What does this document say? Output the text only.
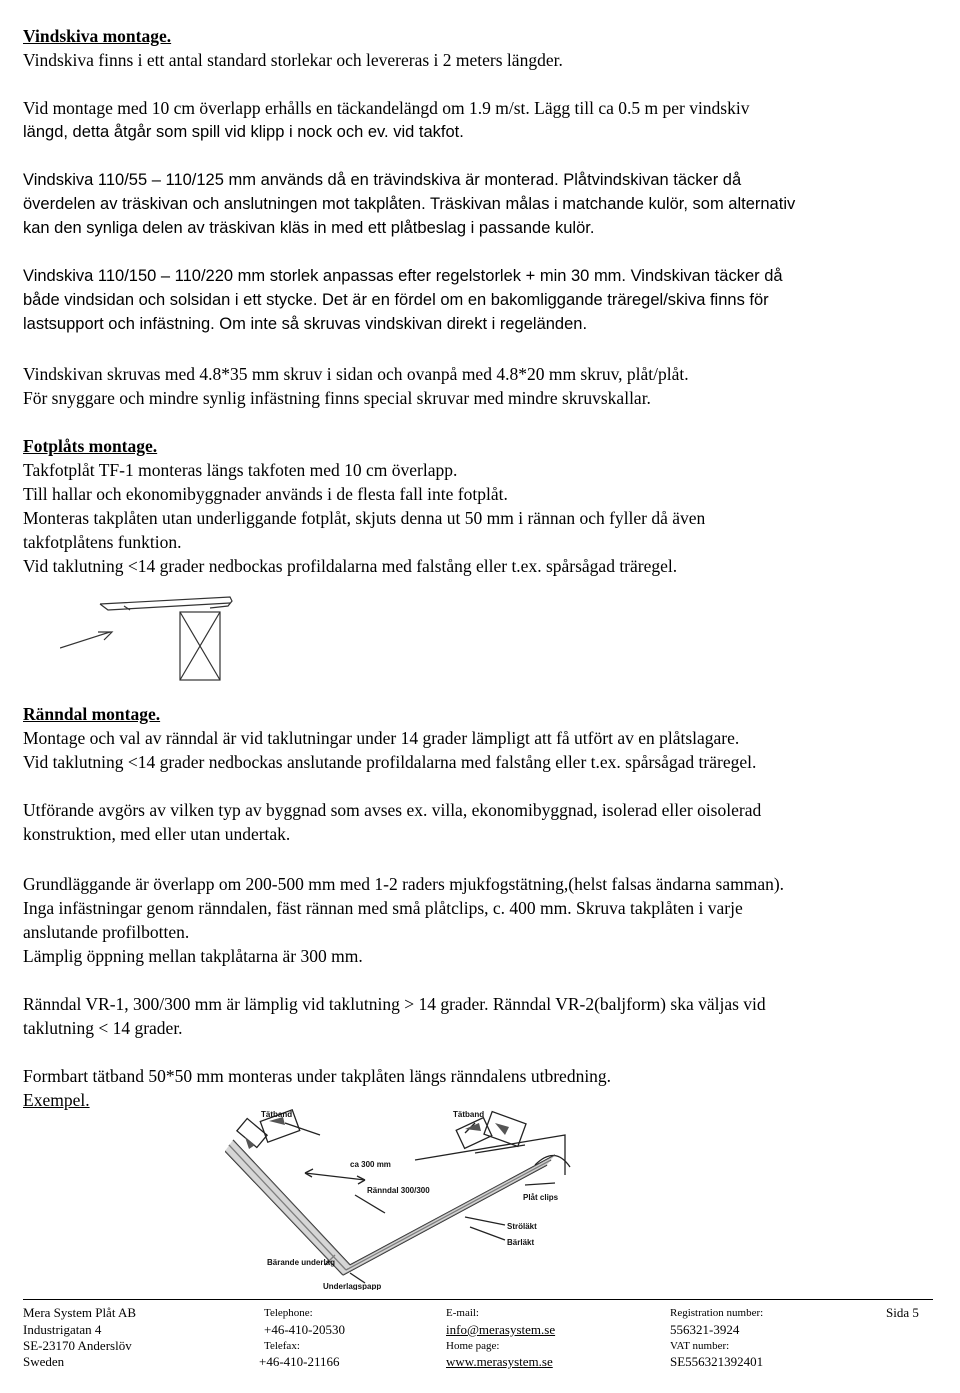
Vindskiva montage.
Vindskiva finns i ett antal standard storlekar och levereras i 2 meters längder.
Vid montage med 10 cm överlapp erhålls en täckandelängd om 1.9 m/st. Lägg till ca 0.5 m per vindskiv
längd, detta åtgår som spill vid klipp i nock och ev. vid takfot.
Vindskiva 110/55 – 110/125 mm används då en trävindskiva är monterad. Plåtvindskivan täcker då
överdelen av träskivan och anslutningen mot takplåten. Träskivan målas i matchande kulör, som alternativ
kan den synliga delen av träskivan kläs in med ett plåtbeslag i passande kulör.
Vindskiva 110/150 – 110/220 mm storlek anpassas efter regelstorlek + min 30 mm. Vindskivan täcker då
både vindsidan och solsidan i ett stycke. Det är en fördel om en bakomliggande träregel/skiva finns för
lastsupport och infästning. Om inte så skruvas vindskivan direkt i regeländen.
Vindskivan skruvas med 4.8*35 mm skruv i sidan och ovanpå med 4.8*20 mm skruv, plåt/plåt.
För snyggare och mindre synlig infästning finns special skruvar med mindre skruvskallar.
Fotplåts montage.
Takfotplåt TF-1 monteras längs takfoten med 10 cm överlapp.
Till hallar och ekonomibyggnader används i de flesta fall inte fotplåt.
Monteras takplåten utan underliggande fotplåt, skjuts denna ut 50 mm i rännan och fyller då även
takfotplåtens funktion.
Vid taklutning <14 grader nedbockas profildalarna med falstång eller t.ex. spårsågad träregel.
Ränndal montage.
Montage och val av ränndal är vid taklutningar under 14 grader lämpligt att få utfört av en plåtslagare.
Vid taklutning <14 grader nedbockas anslutande profildalarna med falstång eller t.ex. spårsågad träregel.
Utförande avgörs av vilken typ av byggnad som avses ex. villa, ekonomibyggnad, isolerad eller oisolerad
konstruktion, med eller utan undertak.
Grundläggande är överlapp om 200-500 mm med 1-2 raders mjukfogstätning,(helst falsas ändarna samman).
Inga infästningar genom ränndalen, fäst rännan med små plåtclips, c. 400 mm. Skruva takplåten i varje
anslutande profilbotten.
Lämplig öppning mellan takplåtarna är 300 mm.
Ränndal VR-1, 300/300 mm är lämplig vid taklutning > 14 grader. Ränndal VR-2(baljform) ska väljas vid
taklutning < 14 grader.
Formbart tätband 50*50 mm monteras under takplåten längs ränndalens utbredning.
Exempel.
Tätband	Tätband
ca 300 mm
Ränndal 300/300
Plåt clips
Bärande underlag
Ströläkt
Bärläkt
Underlagspapp
Mera System Plåt AB
Industrigatan 4
SE-23170 Anderslöv
Sweden
Telephone:
+46-410-20530
Telefax:
+46-410-21166
E-mail:
info@merasystem.se
Home page:
www.merasystem.se
Registration number:
556321-3924
VAT number:
SE556321392401
Sida 5
